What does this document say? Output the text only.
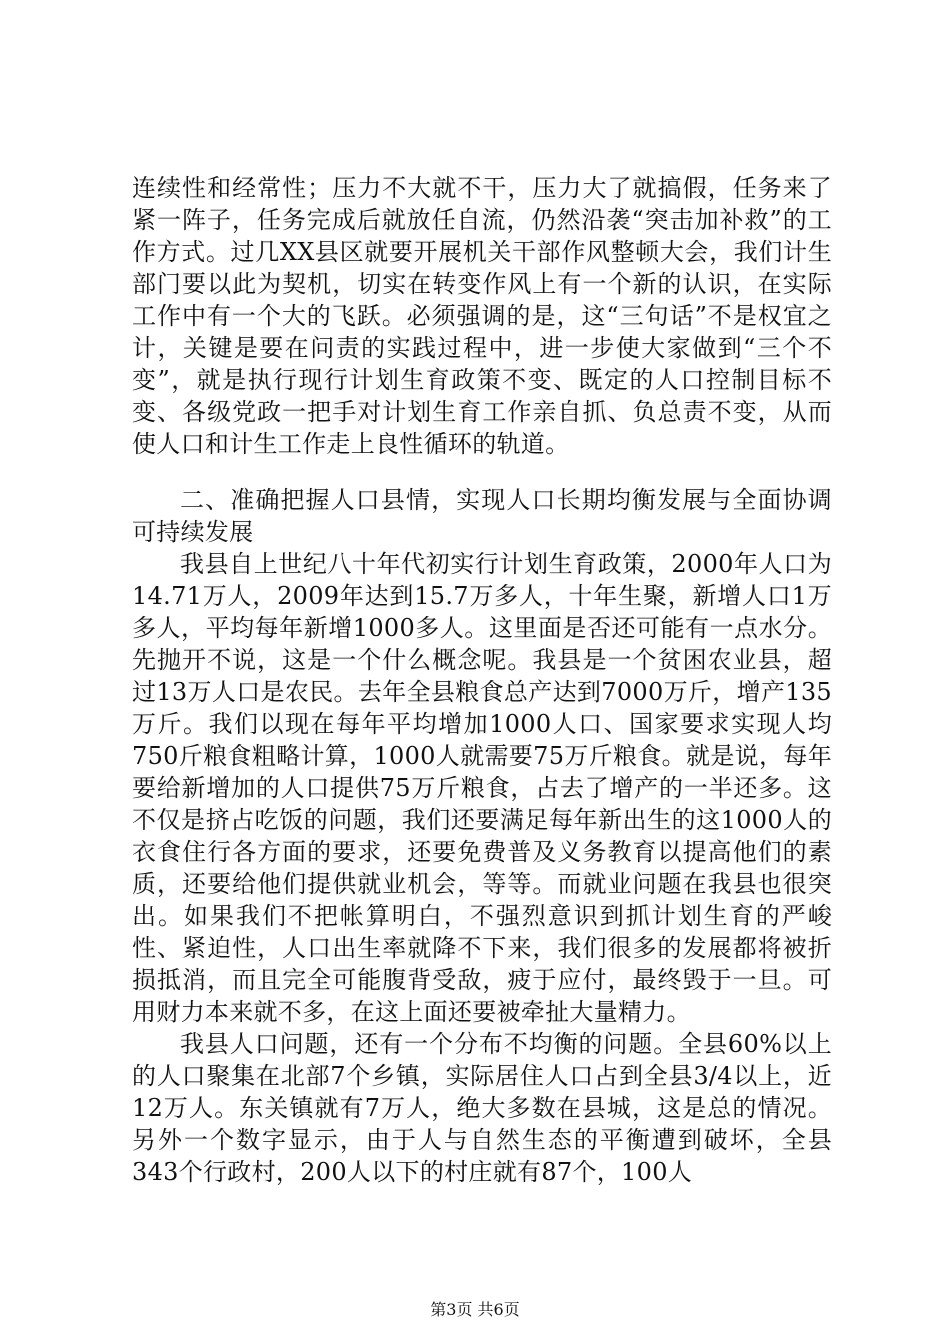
连续性和经常性；压力不大就不干，压力大了就搞假，任务来了紧一阵子，任务完成后就放任自流，仍然沿袭“突击加补救”的工作方式。过几XX县区就要开展机关干部作风整顿大会，我们计生部门要以此为契机，切实在转变作风上有一个新的认识，在实际工作中有一个大的飞跃。必须强调的是，这“三句话”不是权宜之计，关键是要在问责的实践过程中，进一步使大家做到“三个不变”，就是执行现行计划生育政策不变、既定的人口控制目标不变、各级党政一把手对计划生育工作亲自抓、负总责不变，从而使人口和计生工作走上良性循环的轨道。

二、准确把握人口县情，实现人口长期均衡发展与全面协调可持续发展

我县自上世纪八十年代初实行计划生育政策，2000年人口为14.71万人，2009年达到15.7万多人，十年生聚，新增人口1万多人，平均每年新增1000多人。这里面是否还可能有一点水分。先抛开不说，这是一个什么概念呢。我县是一个贫困农业县，超过13万人口是农民。去年全县粮食总产达到7000万斤，增产135万斤。我们以现在每年平均增加1000人口、国家要求实现人均750斤粮食粗略计算，1000人就需要75万斤粮食。就是说，每年要给新增加的人口提供75万斤粮食，占去了增产的一半还多。这不仅是挤占吃饭的问题，我们还要满足每年新出生的这1000人的衣食住行各方面的要求，还要免费普及义务教育以提高他们的素质，还要给他们提供就业机会，等等。而就业问题在我县也很突出。如果我们不把帐算明白，不强烈意识到抓计划生育的严峻性、紧迫性，人口出生率就降不下来，我们很多的发展都将被折损抵消，而且完全可能腹背受敌，疲于应付，最终毁于一旦。可用财力本来就不多，在这上面还要被牵扯大量精力。

我县人口问题，还有一个分布不均衡的问题。全县60%以上的人口聚集在北部7个乡镇，实际居住人口占到全县3/4以上，近12万人。东关镇就有7万人，绝大多数在县城，这是总的情况。另外一个数字显示，由于人与自然生态的平衡遭到破坏，全县343个行政村，200人以下的村庄就有87个，100人

第3页 共6页
